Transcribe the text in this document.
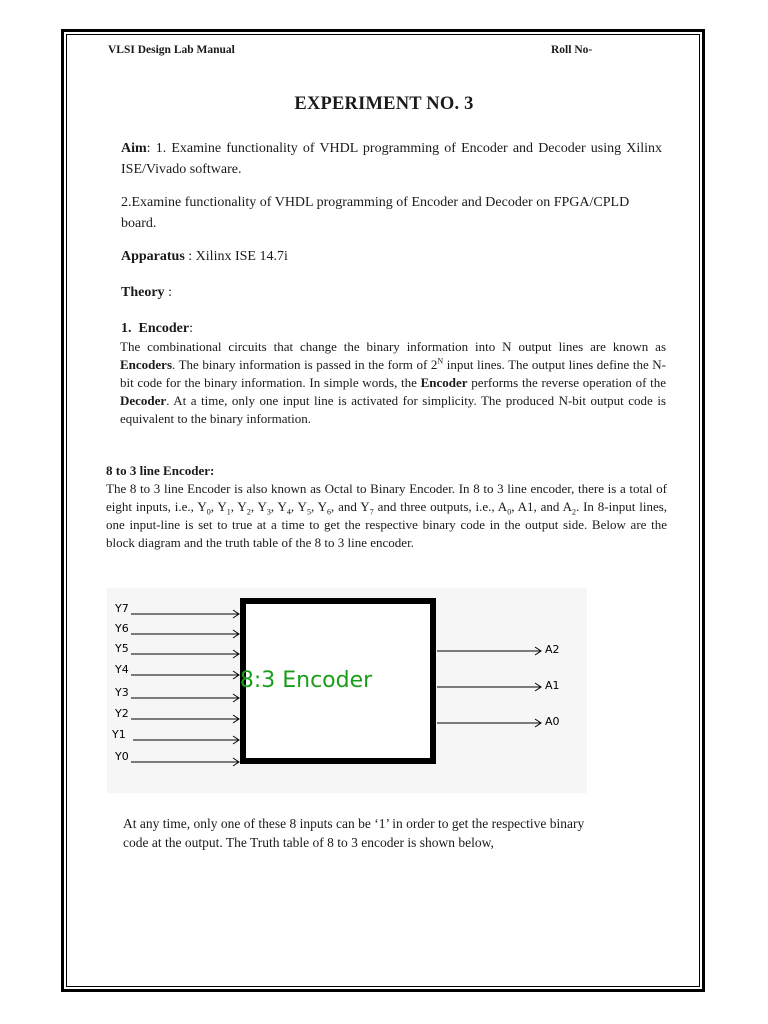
VLSI Design Lab Manual	Roll No-
EXPERIMENT NO. 3
Aim: 1. Examine functionality of VHDL programming of Encoder and Decoder using Xilinx ISE/Vivado software.
2.Examine functionality of VHDL programming of Encoder and Decoder on FPGA/CPLD board.
Apparatus : Xilinx ISE 14.7i
Theory :
1. Encoder:
The combinational circuits that change the binary information into N output lines are known as Encoders. The binary information is passed in the form of $2^N$ input lines. The output lines define the N-bit code for the binary information. In simple words, the Encoder performs the reverse operation of the Decoder. At a time, only one input line is activated for simplicity. The produced N-bit output code is equivalent to the binary information.
8 to 3 line Encoder:
The 8 to 3 line Encoder is also known as Octal to Binary Encoder. In 8 to 3 line encoder, there is a total of eight inputs, i.e., $Y_0$, $Y_1$, $Y_2$, $Y_3$, $Y_4$, $Y_5$, $Y_6$, and $Y_7$ and three outputs, i.e., $A_0$, A1, and $A_2$. In 8-input lines, one input-line is set to true at a time to get the respective binary code in the output side. Below are the block diagram and the truth table of the 8 to 3 line encoder.
8:3 Encoder
Y7
Y6
Y5
Y4
Y3
Y2
Y1
Y0
A2
A1
A0
At any time, only one of these 8 inputs can be ‘1’ in order to get the respective binary code at the output. The Truth table of 8 to 3 encoder is shown below,
